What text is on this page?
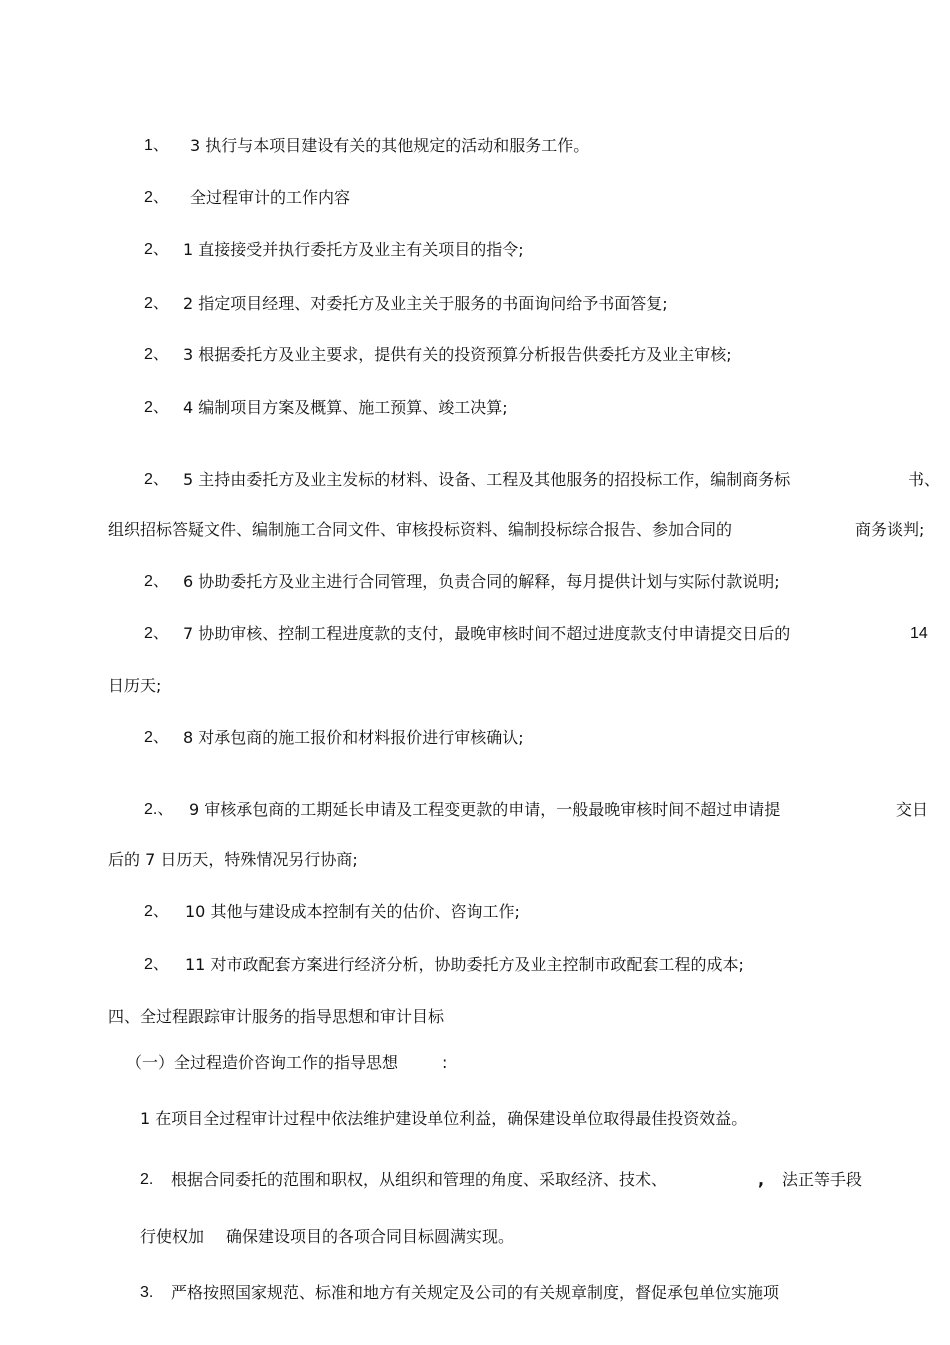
1、 3 执行与本项目建设有关的其他规定的活动和服务工作。
2、 全过程审计的工作内容
2、 1 直接接受并执行委托方及业主有关项目的指令;
2、 2 指定项目经理、对委托方及业主关于服务的书面询问给予书面答复;
2、 3 根据委托方及业主要求，提供有关的投资预算分析报告供委托方及业主审核;
2、 4 编制项目方案及概算、施工预算、竣工决算;
2、 5 主持由委托方及业主发标的材料、设备、工程及其他服务的招投标工作，编制商务标	书、
组织招标答疑文件、编制施工合同文件、审核投标资料、编制投标综合报告、参加合同的	商务谈判;
2、 6 协助委托方及业主进行合同管理，负责合同的解释，每月提供计划与实际付款说明;
2、 7 协助审核、控制工程进度款的支付，最晚审核时间不超过进度款支付申请提交日后的	14
日历天;
2、 8 对承包商的施工报价和材料报价进行审核确认;
2.、 9 审核承包商的工期延长申请及工程变更款的申请，一般最晚审核时间不超过申请提	交日
后的 7 日历天，特殊情况另行协商;
2、 10 其他与建设成本控制有关的估价、咨询工作;
2、 11 对市政配套方案进行经济分析，协助委托方及业主控制市政配套工程的成本;
四、全过程跟踪审计服务的指导思想和审计目标
（一）全过程造价咨询工作的指导思想	:
1 在项目全过程审计过程中依法维护建设单位利益，确保建设单位取得最佳投资效益。
2. 根据合同委托的范围和职权，从组织和管理的角度、采取经济、技术、	, 法正等手段
行使权加 确保建设项目的各项合同目标圆满实现。
3. 严格按照国家规范、标准和地方有关规定及公司的有关规章制度，督促承包单位实施项
